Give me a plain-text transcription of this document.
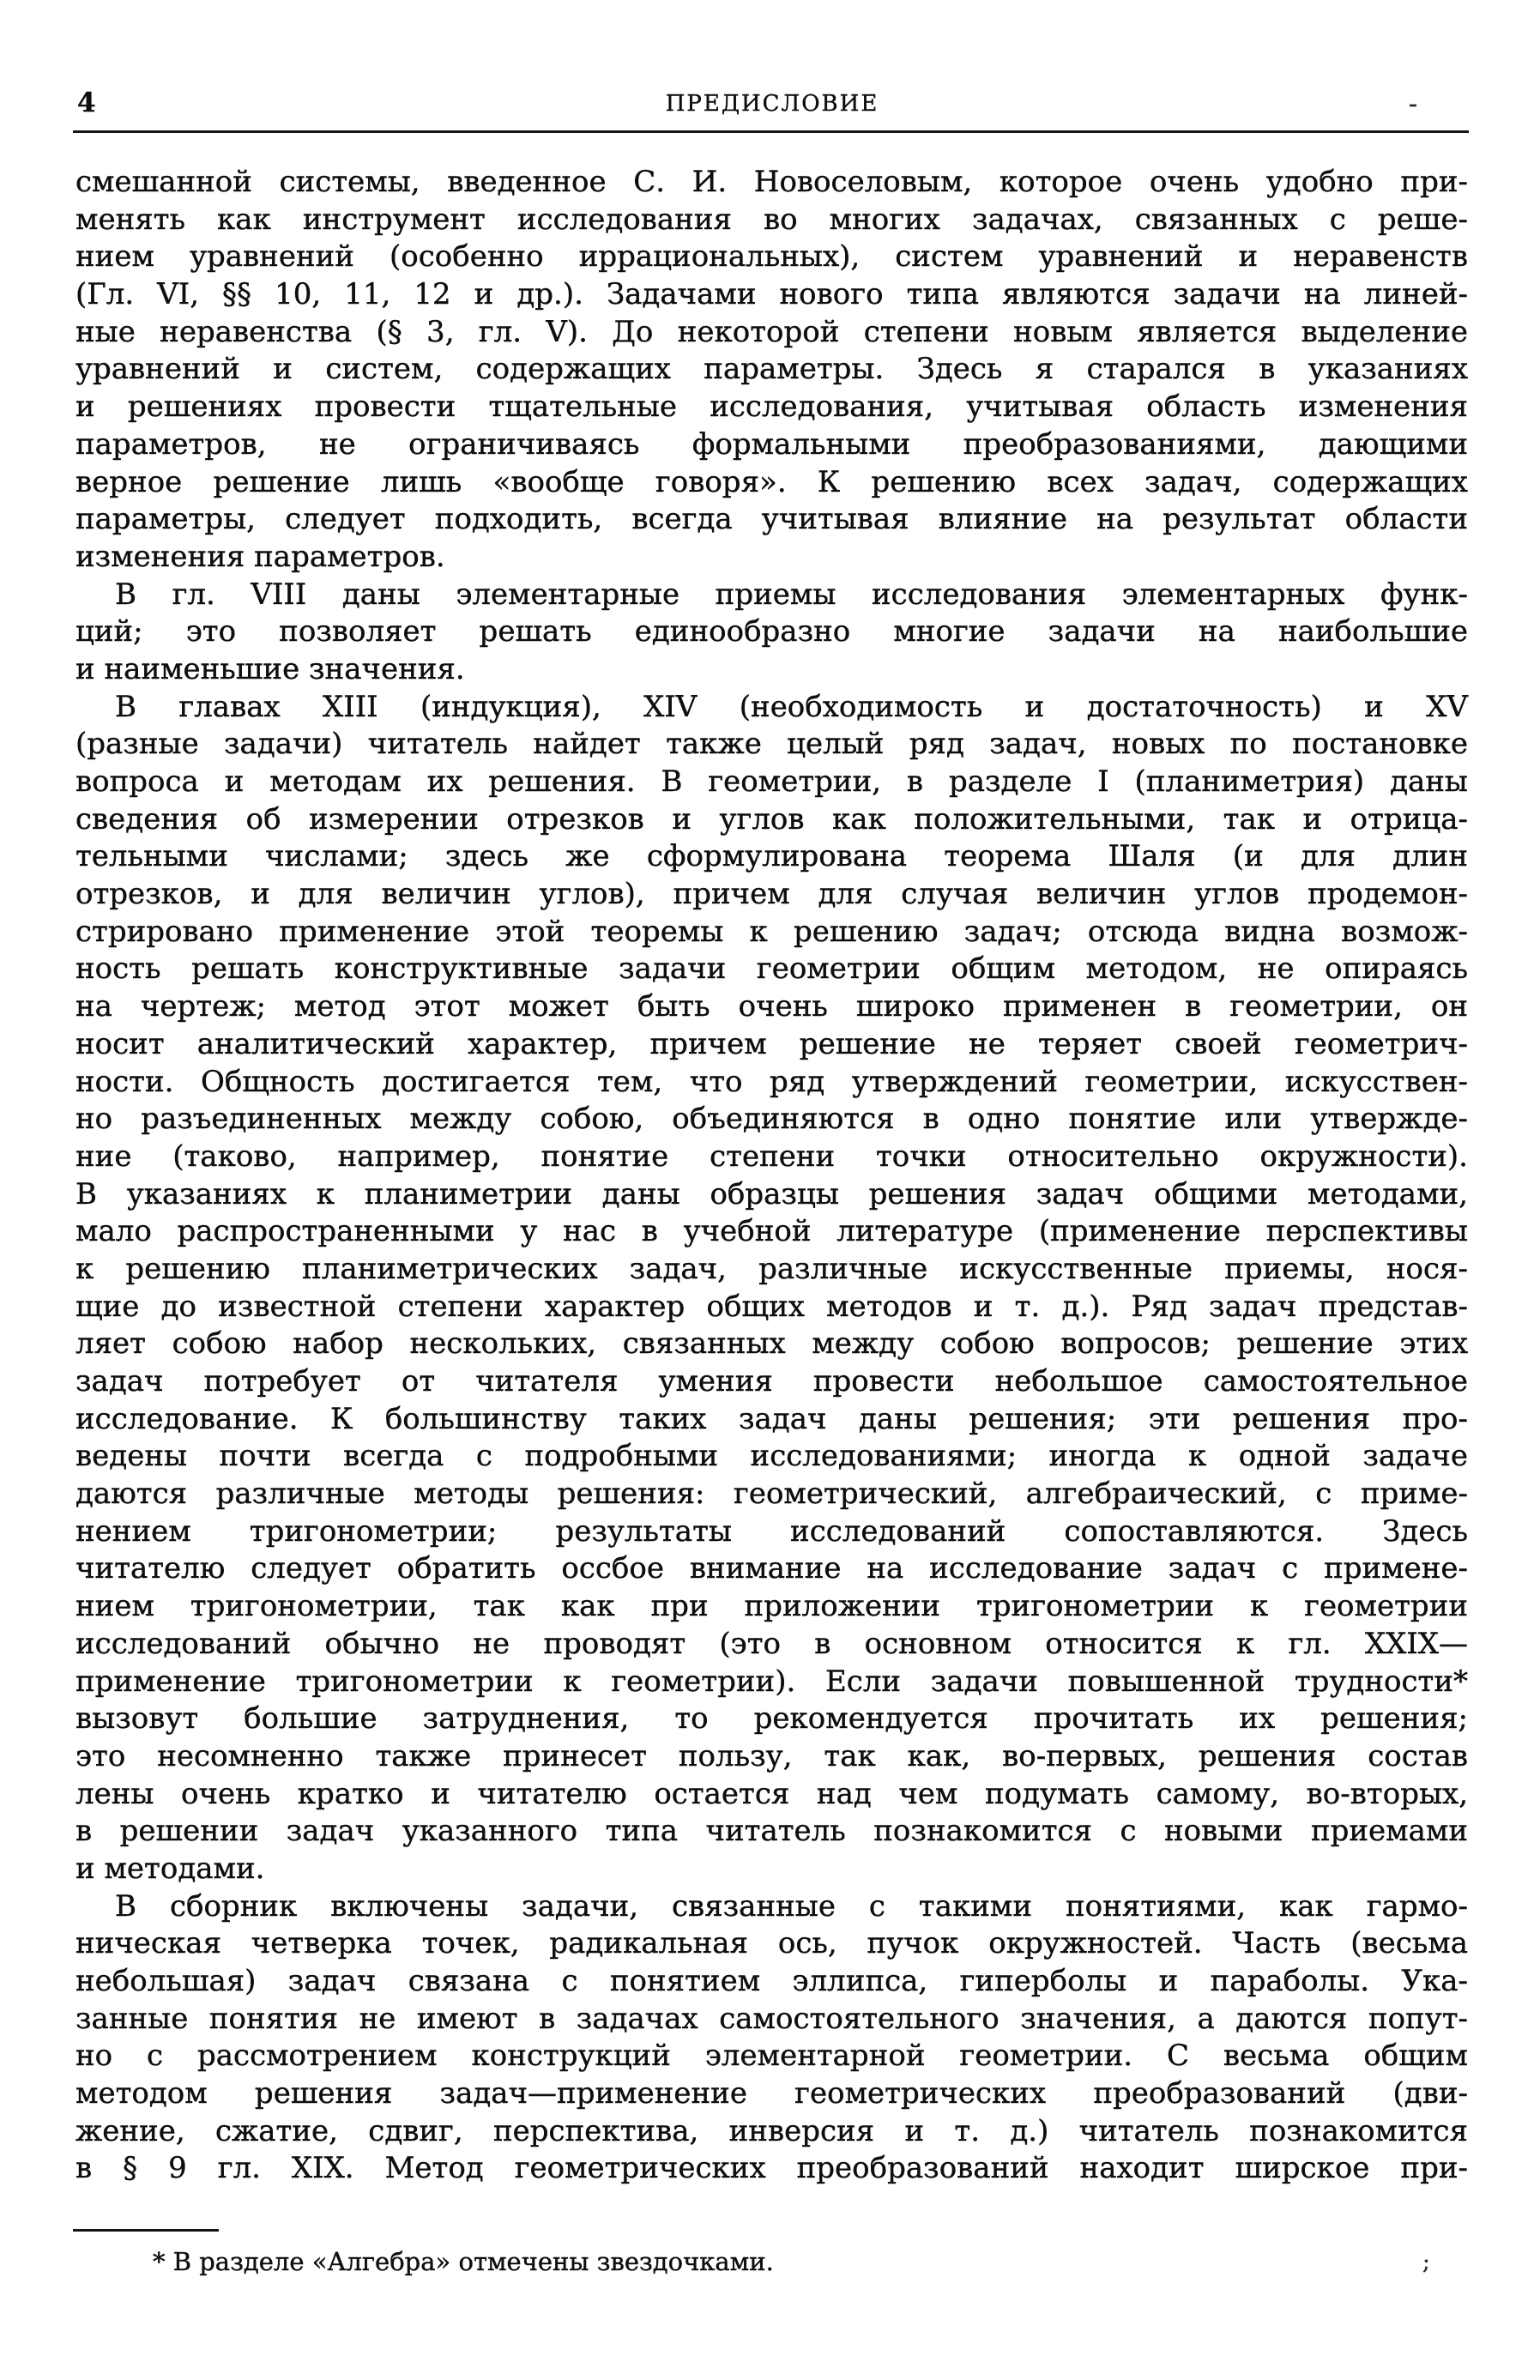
4	ПРЕДИСЛОВИЕ	-
смешанной системы, введенное С. И. Новоселовым, которое очень удобно при-
менять как инструмент исследования во многих задачах, связанных с реше-
нием уравнений (особенно иррациональных), систем уравнений и неравенств
(Гл. VI, §§ 10, 11, 12 и др.). Задачами нового типа являются задачи на линей-
ные неравенства (§ 3, гл. V). До некоторой степени новым является выделение
уравнений и систем, содержащих параметры. Здесь я старался в указаниях
и решениях провести тщательные исследования, учитывая область изменения
параметров, не ограничиваясь формальными преобразованиями, дающими
верное решение лишь «вообще говоря». К решению всех задач, содержащих
параметры, следует подходить, всегда учитывая влияние на результат области
изменения параметров.
В гл. VIII даны элементарные приемы исследования элементарных функ-
ций; это позволяет решать единообразно многие задачи на наибольшие
и наименьшие значения.
В главах XIII (индукция), XIV (необходимость и достаточность) и XV
(разные задачи) читатель найдет также целый ряд задач, новых по постановке
вопроса и методам их решения. В геометрии, в разделе I (планиметрия) даны
сведения об измерении отрезков и углов как положительными, так и отрица-
тельными числами; здесь же сформулирована теорема Шаля (и для длин
отрезков, и для величин углов), причем для случая величин углов продемон-
стрировано применение этой теоремы к решению задач; отсюда видна возмож-
ность решать конструктивные задачи геометрии общим методом, не опираясь
на чертеж; метод этот может быть очень широко применен в геометрии, он
носит аналитический характер, причем решение не теряет своей геометрич-
ности. Общность достигается тем, что ряд утверждений геометрии, искусствен-
но разъединенных между собою, объединяются в одно понятие или утвержде-
ние (таково, например, понятие степени точки относительно окружности).
В указаниях к планиметрии даны образцы решения задач общими методами,
мало распространенными у нас в учебной литературе (применение перспективы
к решению планиметрических задач, различные искусственные приемы, нося-
щие до известной степени характер общих методов и т. д.). Ряд задач представ-
ляет собою набор нескольких, связанных между собою вопросов; решение этих
задач потребует от читателя умения провести небольшое самостоятельное
исследование. К большинству таких задач даны решения; эти решения про-
ведены почти всегда с подробными исследованиями; иногда к одной задаче
даются различные методы решения: геометрический, алгебраический, с приме-
нением тригонометрии; результаты исследований сопоставляются. Здесь
читателю следует обратить оссбое внимание на исследование задач с примене-
нием тригонометрии, так как при приложении тригонометрии к геометрии
исследований обычно не проводят (это в основном относится к гл. XXIX—
применение тригонометрии к геометрии). Если задачи повышенной трудности*
вызовут большие затруднения, то рекомендуется прочитать их решения;
это несомненно также принесет пользу, так как, во-первых, решения состав
лены очень кратко и читателю остается над чем подумать самому, во-вторых,
в решении задач указанного типа читатель познакомится с новыми приемами
и методами.
В сборник включены задачи, связанные с такими понятиями, как гармо-
ническая четверка точек, радикальная ось, пучок окружностей. Часть (весьма
небольшая) задач связана с понятием эллипса, гиперболы и параболы. Ука-
занные понятия не имеют в задачах самостоятельного значения, а даются попут-
но с рассмотрением конструкций элементарной геометрии. С весьма общим
методом решения задач—применение геометрических преобразований (дви-
жение, сжатие, сдвиг, перспектива, инверсия и т. д.) читатель познакомится
в § 9 гл. XIX. Метод геометрических преобразований находит ширское при-
* В разделе «Алгебра» отмечены звездочками.	;
